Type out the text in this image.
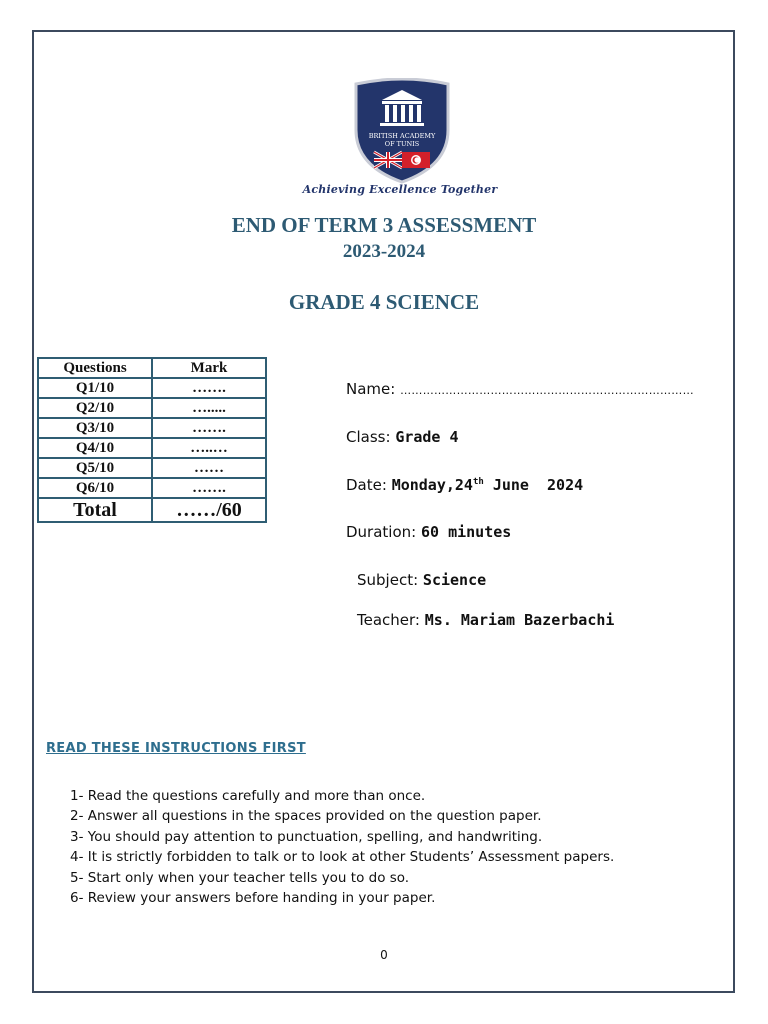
BRITISH ACADEMY
OF TUNIS
Achieving Excellence Together
END OF TERM 3 ASSESSMENT
2023-2024
GRADE 4 SCIENCE
Questions	Mark
Q1/10	…….
Q2/10	….....
Q3/10	…….
Q4/10	…..…
Q5/10	……
Q6/10	…….
Total	……/60
Name: ……………………………………………………………………
Class: Grade 4
Date: Monday,24th June  2024
Duration: 60 minutes
Subject: Science
Teacher: Ms. Mariam Bazerbachi
READ THESE INSTRUCTIONS FIRST
1- Read the questions carefully and more than once.
2- Answer all questions in the spaces provided on the question paper.
3- You should pay attention to punctuation, spelling, and handwriting.
4- It is strictly forbidden to talk or to look at other Students’ Assessment papers.
5- Start only when your teacher tells you to do so.
6- Review your answers before handing in your paper.
0
